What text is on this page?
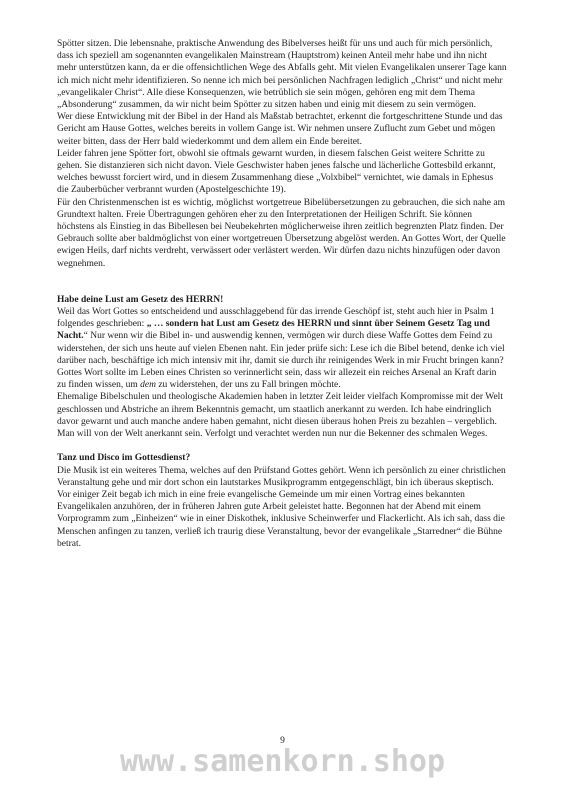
Spötter sitzen. Die lebensnahe, praktische Anwendung des Bibelverses heißt für uns und auch für mich persönlich, dass ich speziell am sogenannten evangelikalen Mainstream (Hauptstrom) keinen Anteil mehr habe und ihn nicht mehr unterstützen kann, da er die offensichtlichen Wege des Abfalls geht. Mit vielen Evangelikalen unserer Tage kann ich mich nicht mehr identifizieren. So nenne ich mich bei persönlichen Nachfragen lediglich „Christ“ und nicht mehr „evangelikaler Christ“. Alle diese Konsequenzen, wie betrüblich sie sein mögen, gehören eng mit dem Thema „Absonderung“ zusammen, da wir nicht beim Spötter zu sitzen haben und einig mit diesem zu sein vermögen.

Wer diese Entwicklung mit der Bibel in der Hand als Maßstab betrachtet, erkennt die fortgeschrittene Stunde und das Gericht am Hause Gottes, welches bereits in vollem Gange ist. Wir nehmen unsere Zuflucht zum Gebet und mögen weiter bitten, dass der Herr bald wiederkommt und dem allem ein Ende bereitet.

Leider fahren jene Spötter fort, obwohl sie oftmals gewarnt wurden, in diesem falschen Geist weitere Schritte zu gehen. Sie distanzieren sich nicht davon. Viele Geschwister haben jenes falsche und lächerliche Gottesbild erkannt, welches bewusst forciert wird, und in diesem Zusammenhang diese „Volxbibel“ vernichtet, wie damals in Ephesus die Zauberbücher verbrannt wurden (Apostelgeschichte 19).

Für den Christenmenschen ist es wichtig, möglichst wortgetreue Bibelübersetzungen zu gebrauchen, die sich nahe am Grundtext halten. Freie Übertragungen gehören eher zu den Interpretationen der Heiligen Schrift. Sie können höchstens als Einstieg in das Bibellesen bei Neubekehrten möglicherweise ihren zeitlich begrenzten Platz finden. Der Gebrauch sollte aber baldmöglichst von einer wortgetreuen Übersetzung abgelöst werden. An Gottes Wort, der Quelle ewigen Heils, darf nichts verdreht, verwässert oder verlästert werden. Wir dürfen dazu nichts hinzufügen oder davon wegnehmen.

Habe deine Lust am Gesetz des HERRN!

Weil das Wort Gottes so entscheidend und ausschlaggebend für das irrende Geschöpf ist, steht auch hier in Psalm 1 folgendes geschrieben: „ … sondern hat Lust am Gesetz des HERRN und sinnt über Seinem Gesetz Tag und Nacht.“ Nur wenn wir die Bibel in- und auswendig kennen, vermögen wir durch diese Waffe Gottes dem Feind zu widerstehen, der sich uns heute auf vielen Ebenen naht. Ein jeder prüfe sich: Lese ich die Bibel betend, denke ich viel darüber nach, beschäftige ich mich intensiv mit ihr, damit sie durch ihr reinigendes Werk in mir Frucht bringen kann? Gottes Wort sollte im Leben eines Christen so verinnerlicht sein, dass wir allezeit ein reiches Arsenal an Kraft darin zu finden wissen, um dem zu widerstehen, der uns zu Fall bringen möchte.

Ehemalige Bibelschulen und theologische Akademien haben in letzter Zeit leider vielfach Kompromisse mit der Welt geschlossen und Abstriche an ihrem Bekenntnis gemacht, um staatlich anerkannt zu werden. Ich habe eindringlich davor gewarnt und auch manche andere haben gemahnt, nicht diesen überaus hohen Preis zu bezahlen – vergeblich. Man will von der Welt anerkannt sein. Verfolgt und verachtet werden nun nur die Bekenner des schmalen Weges.

Tanz und Disco im Gottesdienst?

Die Musik ist ein weiteres Thema, welches auf den Prüfstand Gottes gehört. Wenn ich persönlich zu einer christlichen Veranstaltung gehe und mir dort schon ein lautstarkes Musikprogramm entgegenschlägt, bin ich überaus skeptisch.

Vor einiger Zeit begab ich mich in eine freie evangelische Gemeinde um mir einen Vortrag eines bekannten Evangelikalen anzuhören, der in früheren Jahren gute Arbeit geleistet hatte. Begonnen hat der Abend mit einem Vorprogramm zum „Einheizen“ wie in einer Diskothek, inklusive Scheinwerfer und Flackerlicht. Als ich sah, dass die Menschen anfingen zu tanzen, verließ ich traurig diese Veranstaltung, bevor der evangelikale „Starredner“ die Bühne betrat.

9
www.samenkorn.shop
